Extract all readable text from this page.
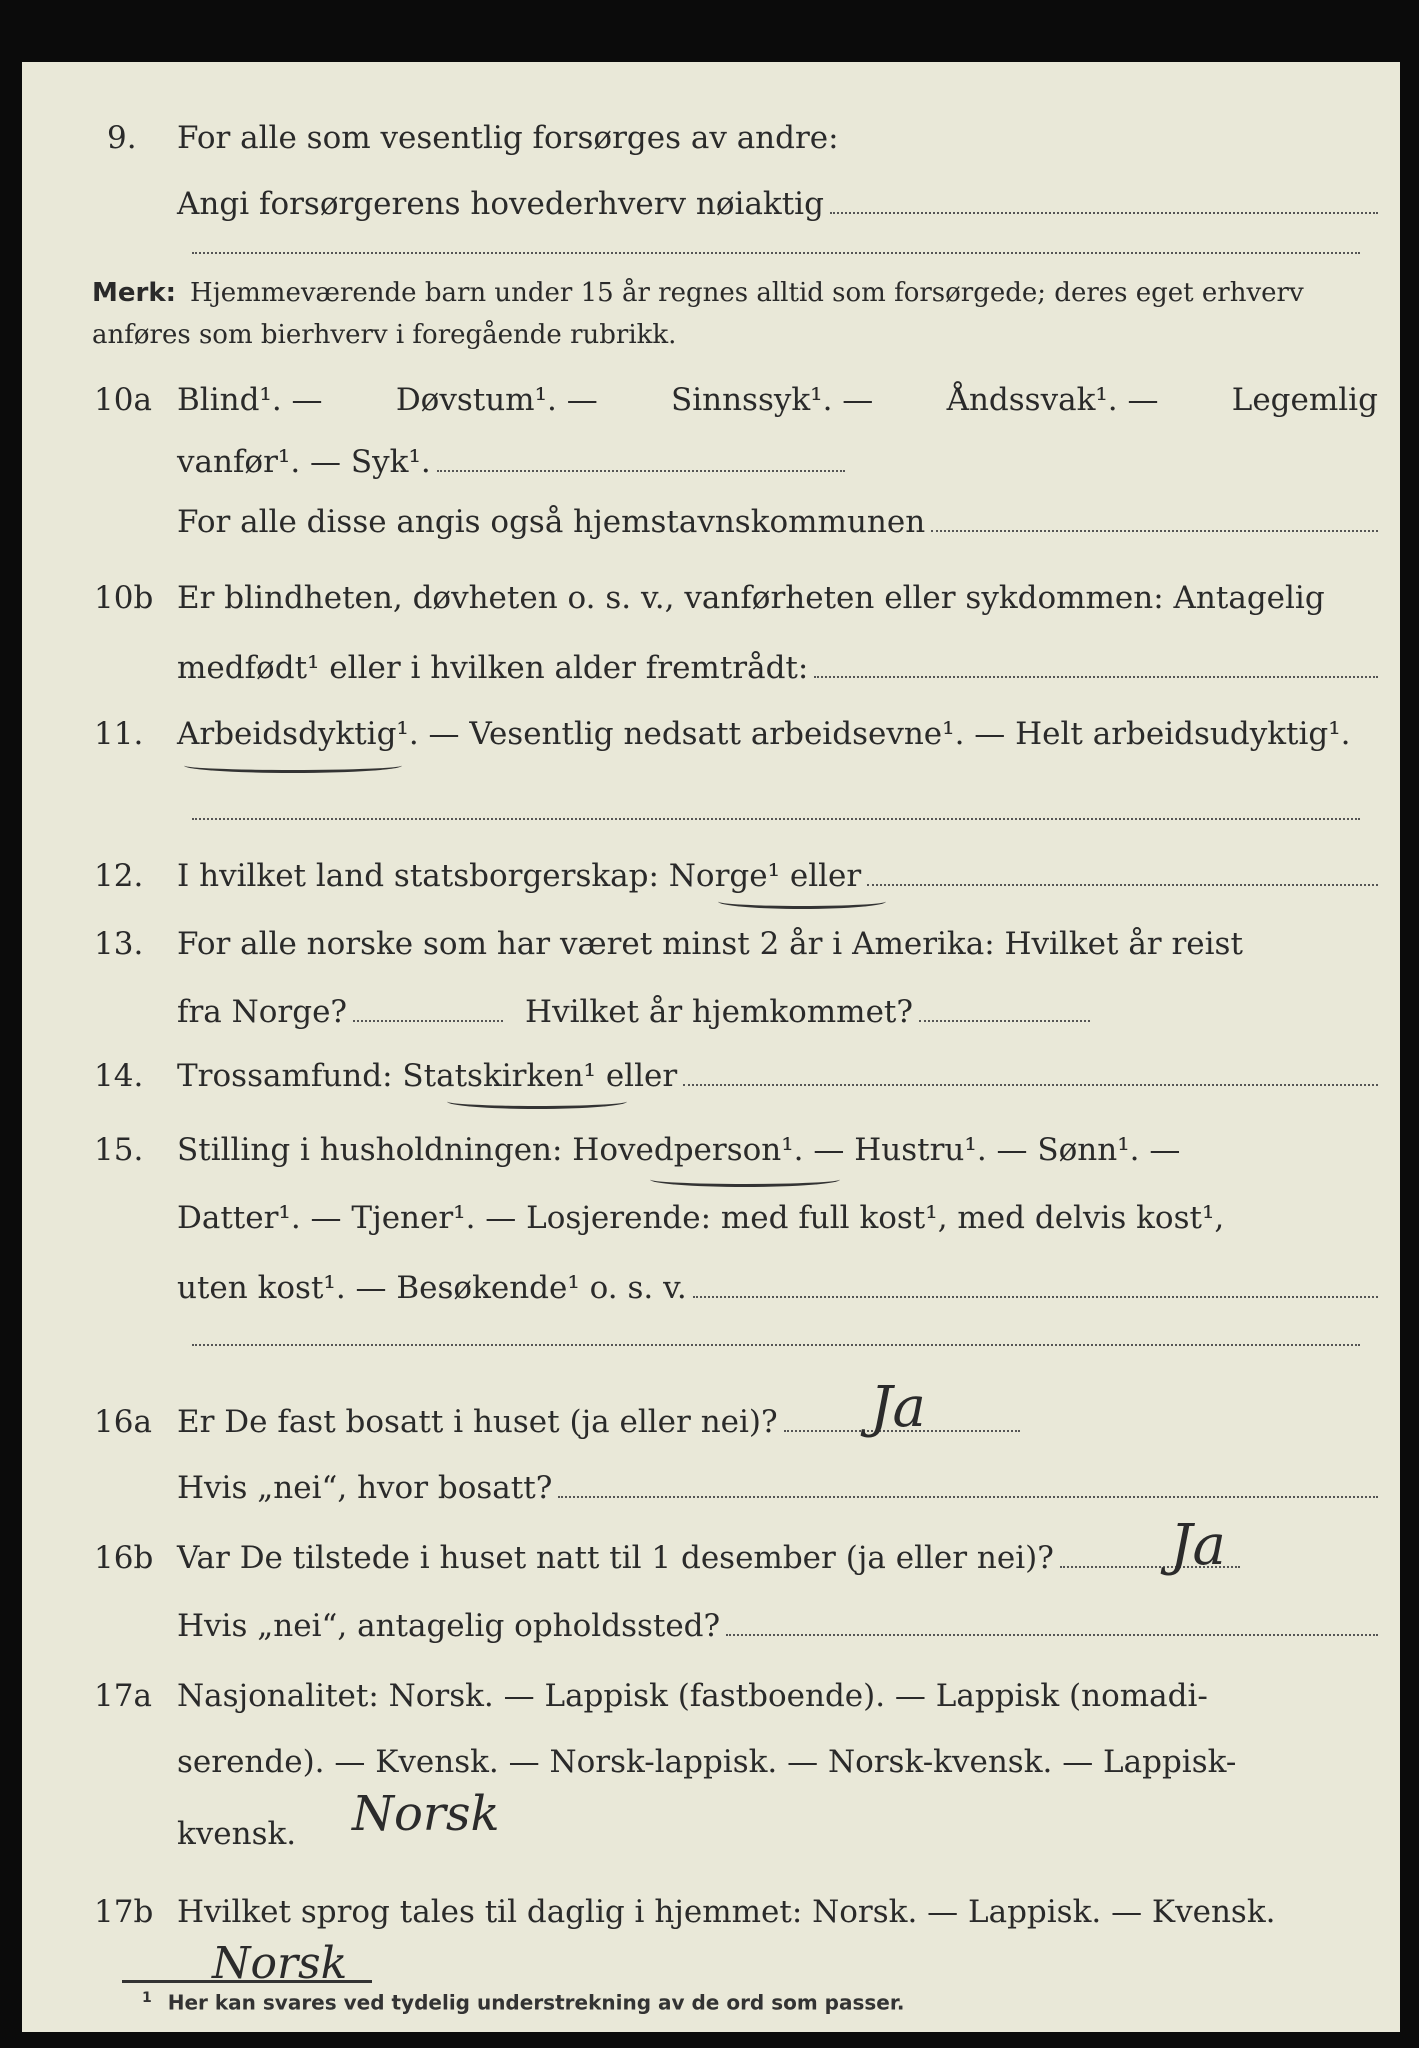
9. For alle som vesentlig forsørges av andre:
Angi forsørgerens hovederhverv nøiaktig
Merk: Hjemmeværende barn under 15 år regnes alltid som forsørgede; deres eget erhverv anføres som bierhverv i foregående rubrikk.
10a Blind¹. — Døvstum¹. — Sinnssyk¹. — Åndssvak¹. — Legemlig
vanfør¹. — Syk¹.
For alle disse angis også hjemstavnskommunen
10b Er blindheten, døvheten o. s. v., vanførheten eller sykdommen: Antagelig
medfødt¹ eller i hvilken alder fremtrådt:
11. Arbeidsdyktig¹. — Vesentlig nedsatt arbeidsevne¹. — Helt arbeidsudyktig¹.
12. I hvilket land statsborgerskap: Norge¹ eller
13. For alle norske som har været minst 2 år i Amerika: Hvilket år reist
fra Norge?	Hvilket år hjemkommet?
14. Trossamfund: Statskirken¹ eller
15. Stilling i husholdningen: Hovedperson¹. — Hustru¹. — Sønn¹. —
Datter¹. — Tjener¹. — Losjerende: med full kost¹, med delvis kost¹,
uten kost¹. — Besøkende¹ o. s. v.
16a Er De fast bosatt i huset (ja eller nei)? Ja
Hvis „nei“, hvor bosatt?
16b Var De tilstede i huset natt til 1 desember (ja eller nei)? Ja
Hvis „nei“, antagelig opholdssted?
17a Nasjonalitet: Norsk. — Lappisk (fastboende). — Lappisk (nomadi-
serende). — Kvensk. — Norsk-lappisk. — Norsk-kvensk. — Lappisk-
kvensk. Norsk
17b Hvilket sprog tales til daglig i hjemmet: Norsk. — Lappisk. — Kvensk.
Norsk
$^1$ Her kan svares ved tydelig understrekning av de ord som passer.
